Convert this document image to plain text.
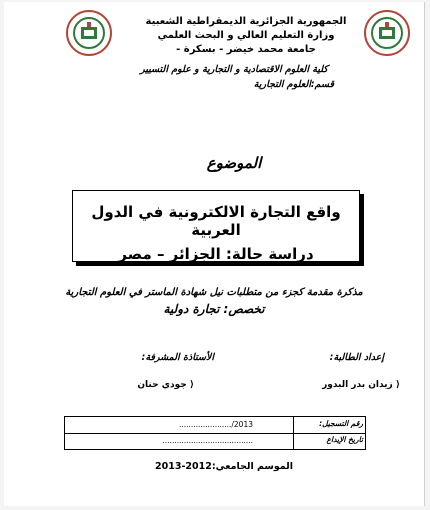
الجمهورية الجزائرية الديمقراطية الشعبية
وزارة التعليم العالي و البحث العلمي
جامعة محمد خيضر - بسكرة -
كلية العلوم الاقتصادية و التجارية و علوم التسيير
قسم:العلوم التجارية
الموضوع
واقع التجارة الالكترونية في الدول العربية
دراسة حالة: الجزائر – مصر
مذكرة مقدمة كجزء من متطلبات نيل شهادة الماستر في العلوم التجارية
تخصص: تجارة دولية
إعداد الطالبة:
الأستاذة المشرفة:
⟨ زيدان بدر البدور
⟨ جودي حنان
رقم التسجيل:
....................../2013
تاريخ الإيداع
......................................
الموسم الجامعي:2012-2013
